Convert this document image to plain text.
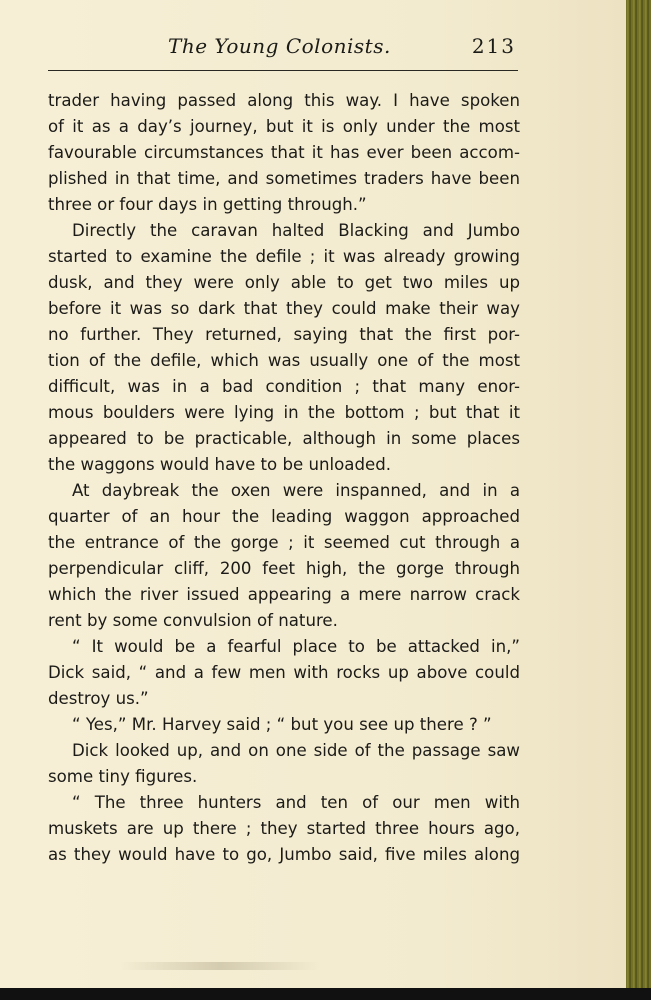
The Young Colonists.	213
trader having passed along this way. I have spoken
of it as a day’s journey, but it is only under the most
favourable circumstances that it has ever been accom-
plished in that time, and sometimes traders have been
three or four days in getting through.”
Directly the caravan halted Blacking and Jumbo
started to examine the defile ; it was already growing
dusk, and they were only able to get two miles up
before it was so dark that they could make their way
no further. They returned, saying that the first por-
tion of the defile, which was usually one of the most
difficult, was in a bad condition ; that many enor-
mous boulders were lying in the bottom ; but that it
appeared to be practicable, although in some places
the waggons would have to be unloaded.
At daybreak the oxen were inspanned, and in a
quarter of an hour the leading waggon approached
the entrance of the gorge ; it seemed cut through a
perpendicular cliff, 200 feet high, the gorge through
which the river issued appearing a mere narrow crack
rent by some convulsion of nature.
“ It would be a fearful place to be attacked in,”
Dick said, “ and a few men with rocks up above could
destroy us.”
“ Yes,” Mr. Harvey said ; “ but you see up there ? ”
Dick looked up, and on one side of the passage saw
some tiny figures.
“ The three hunters and ten of our men with
muskets are up there ; they started three hours ago,
as they would have to go, Jumbo said, five miles along
